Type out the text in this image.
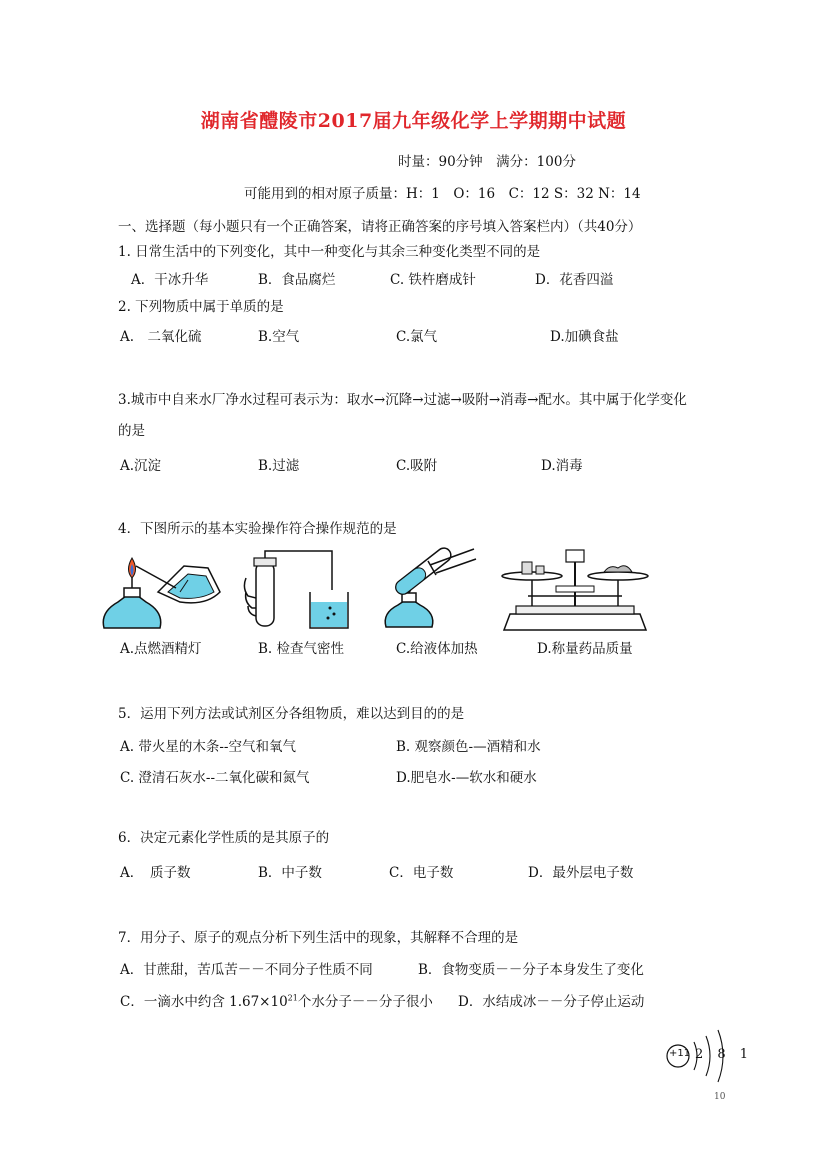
湖南省醴陵市2017届九年级化学上学期期中试题
时量：90分钟　满分：100分
可能用到的相对原子质量：H：1　O：16　C：12 S：32 N：14
一、选择题（每小题只有一个正确答案，请将正确答案的序号填入答案栏内）（共40分）
1. 日常生活中的下列变化，其中一种变化与其余三种变化类型不同的是
A．干冰升华	B．食品腐烂	C. 铁杵磨成针	D．花香四溢
2. 下列物质中属于单质的是
A.　二氧化硫	B.空气	C.氯气	D.加碘食盐
3.城市中自来水厂净水过程可表示为：取水→沉降→过滤→吸附→消毒→配水。其中属于化学变化
的是
A.沉淀	B.过滤	C.吸附	D.消毒
4．下图所示的基本实验操作符合操作规范的是
A.点燃酒精灯	B. 检查气密性	C.给液体加热	D.称量药品质量
5．运用下列方法或试剂区分各组物质，难以达到目的的是
A. 带火星的木条--空气和氧气	B. 观察颜色-—酒精和水
C. 澄清石灰水--二氧化碳和氮气	D.肥皂水-—软水和硬水
6．决定元素化学性质的是其原子的
A．　质子数	B．中子数	C．电子数	D．最外层电子数
7．用分子、原子的观点分析下列生活中的现象，其解释不合理的是
A．甘蔗甜，苦瓜苦－－不同分子性质不同	B．食物变质－－分子本身发生了变化
C．一滴水中约含 $1.67\times 10^{21}$个水分子－－分子很小 D．水结成冰－－分子停止运动
+11 2 8 1
10
